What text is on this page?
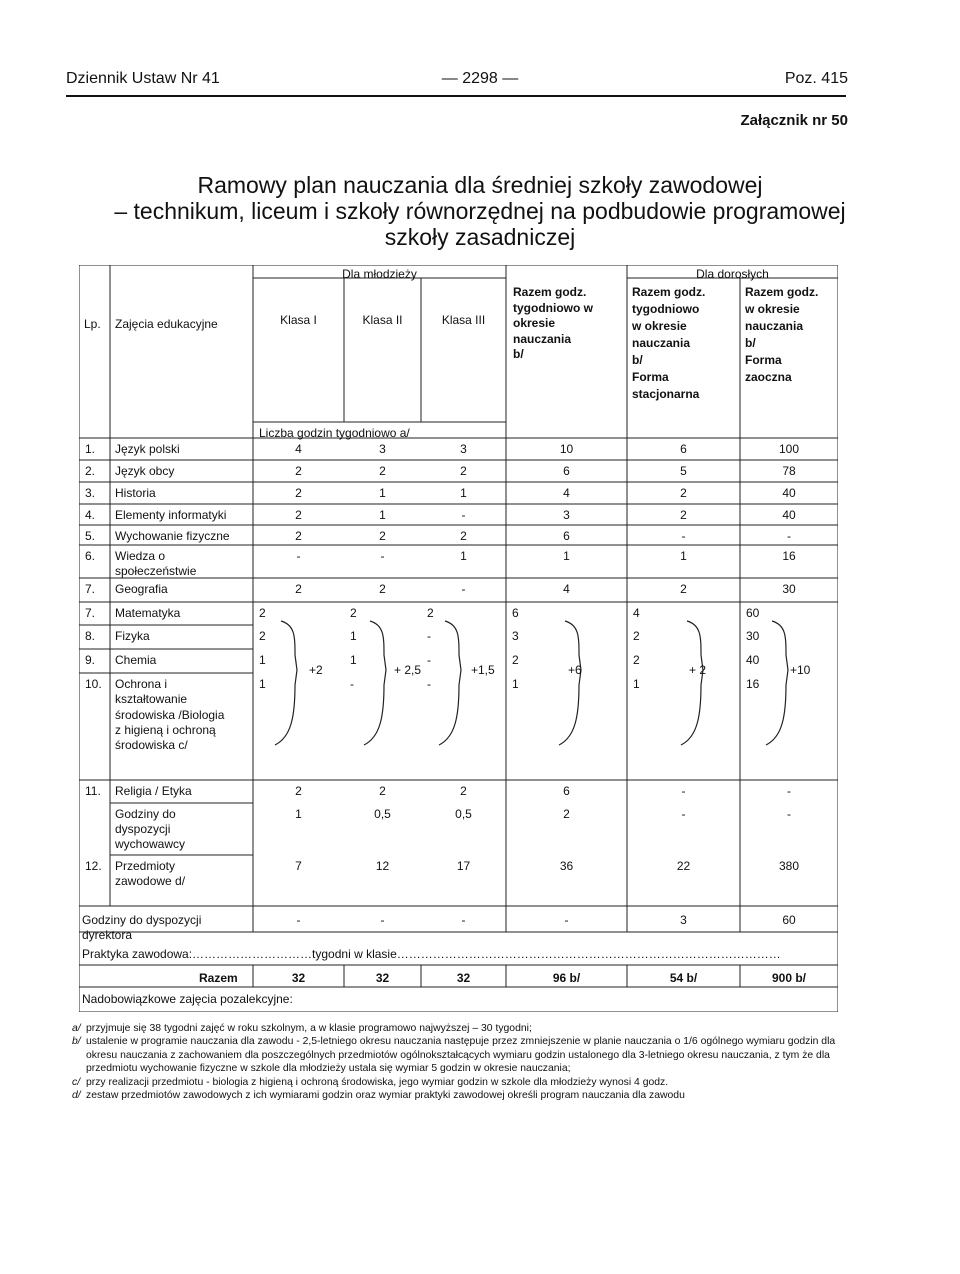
Dziennik Ustaw Nr 41	— 2298 —	Poz. 415
Załącznik nr 50
Ramowy plan nauczania dla średniej szkoły zawodowej
– technikum, liceum i szkoły równorzędnej na podbudowie programowej
szkoły zasadniczej
Lp. Zajęcia edukacyjne
Dla młodzieży	Dla dorosłych
Klasa I	Klasa II	Klasa III
Liczba godzin tygodniowo a/
Razem godz.
tygodniowo w
okresie
nauczania
b/
Razem godz.
tygodniowo
w okresie
nauczania
b/
Forma
stacjonarna
Razem godz.
w okresie
nauczania
b/
Forma
zaoczna
1. Język polski	4	3	3	10	6	100
2. Język obcy	2	2	2	6	5	78
3. Historia	2	1	1	4	2	40
4. Elementy informatyki	2	1	-	3	2	40
5. Wychowanie fizyczne	2	2	2	6	-	-
6. Wiedza o
społeczeństwie
-	-	1	1	1	16
7. Geografia	2	2	-	4	2	30
7. Matematyka	2	2	2	6	4	60
8. Fizyka	2	1	-	3	2	30
9. Chemia	1	1	-	2	2	40
10. Ochrona i
kształtowanie
środowiska /Biologia
z higieną i ochroną
środowiska c/
1	-	-	1	1	16
+2	+ 2,5	+1,5	+6	+ 2	+10
11. Religia / Etyka	2	2	2	6	-	-
Godziny do
dyspozycji
wychowawcy
1	0,5	0,5	2	-	-
12. Przedmioty
zawodowe d/
7	12	17	36	22	380
Godziny do dyspozycji
dyrektora
-	-	-	-	3	60
Praktyka zawodowa:…………………………tygodni w klasie……………………………………………………………………………………
Razem	32	32	32	96 b/	54 b/	900 b/
Nadobowiązkowe zajęcia pozalekcyjne:
a/ przyjmuje się 38 tygodni zajęć w roku szkolnym, a w klasie programowo najwyższej – 30 tygodni;
b/ ustalenie w programie nauczania dla zawodu - 2,5-letniego okresu nauczania następuje przez zmniejszenie w planie nauczania o 1/6 ogólnego wymiaru godzin dla okresu nauczania z zachowaniem dla poszczególnych przedmiotów ogólnokształcących wymiaru godzin ustalonego dla 3-letniego okresu nauczania, z tym że dla przedmiotu wychowanie fizyczne w szkole dla młodzieży ustala się wymiar 5 godzin w okresie nauczania;
c/ przy realizacji przedmiotu - biologia z higieną i ochroną środowiska, jego wymiar godzin w szkole dla młodzieży wynosi 4 godz.
d/ zestaw przedmiotów zawodowych z ich wymiarami godzin oraz wymiar praktyki zawodowej określi program nauczania dla zawodu
